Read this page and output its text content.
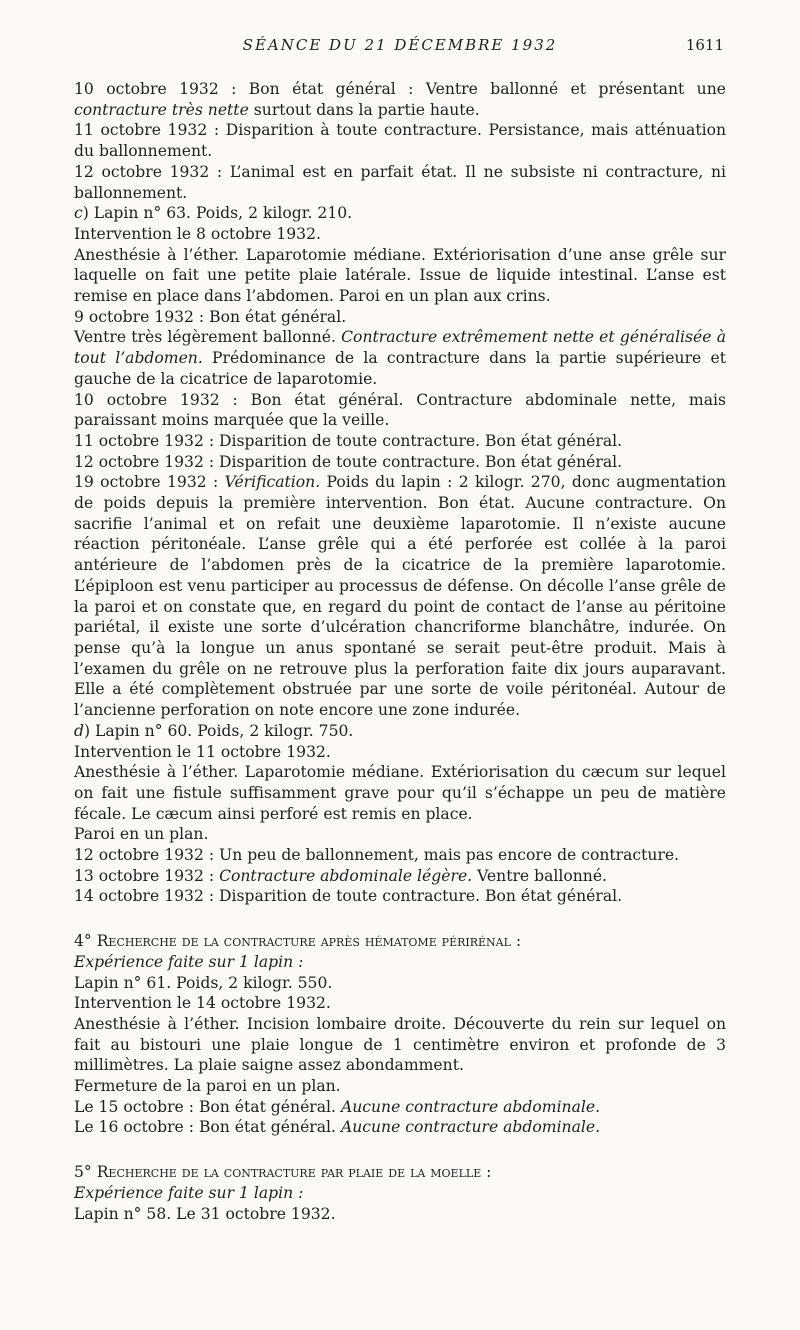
SÉANCE DU 21 DÉCEMBRE 1932	1611

10 octobre 1932 : Bon état général : Ventre ballonné et présentant une contracture très nette surtout dans la partie haute.

11 octobre 1932 : Disparition à toute contracture. Persistance, mais atténuation du ballonnement.

12 octobre 1932 : L’animal est en parfait état. Il ne subsiste ni contracture, ni ballonnement.

c) Lapin n° 63. Poids, 2 kilogr. 210.

Intervention le 8 octobre 1932.

Anesthésie à l’éther. Laparotomie médiane. Extériorisation d’une anse grêle sur laquelle on fait une petite plaie latérale. Issue de liquide intestinal. L’anse est remise en place dans l’abdomen. Paroi en un plan aux crins.

9 octobre 1932 : Bon état général.

Ventre très légèrement ballonné. Contracture extrêmement nette et généralisée à tout l’abdomen. Prédominance de la contracture dans la partie supérieure et gauche de la cicatrice de laparotomie.

10 octobre 1932 : Bon état général. Contracture abdominale nette, mais paraissant moins marquée que la veille.

11 octobre 1932 : Disparition de toute contracture. Bon état général.

12 octobre 1932 : Disparition de toute contracture. Bon état général.

19 octobre 1932 : Vérification. Poids du lapin : 2 kilogr. 270, donc augmentation de poids depuis la première intervention. Bon état. Aucune contracture. On sacrifie l’animal et on refait une deuxième laparotomie. Il n’existe aucune réaction péritonéale. L’anse grêle qui a été perforée est collée à la paroi antérieure de l’abdomen près de la cicatrice de la première laparotomie. L’épiploon est venu participer au processus de défense. On décolle l’anse grêle de la paroi et on constate que, en regard du point de contact de l’anse au péritoine pariétal, il existe une sorte d’ulcération chancriforme blanchâtre, indurée. On pense qu’à la longue un anus spontané se serait peut-être produit. Mais à l’examen du grêle on ne retrouve plus la perforation faite dix jours auparavant. Elle a été complètement obstruée par une sorte de voile péritonéal. Autour de l’ancienne perforation on note encore une zone indurée.

d) Lapin n° 60. Poids, 2 kilogr. 750.

Intervention le 11 octobre 1932.

Anesthésie à l’éther. Laparotomie médiane. Extériorisation du cæcum sur lequel on fait une fistule suffisamment grave pour qu’il s’échappe un peu de matière fécale. Le cæcum ainsi perforé est remis en place.

Paroi en un plan.

12 octobre 1932 : Un peu de ballonnement, mais pas encore de contracture.

13 octobre 1932 : Contracture abdominale légère. Ventre ballonné.

14 octobre 1932 : Disparition de toute contracture. Bon état général.

4° Recherche de la contracture après hématome périrénal :

Expérience faite sur 1 lapin :

Lapin n° 61. Poids, 2 kilogr. 550.

Intervention le 14 octobre 1932.

Anesthésie à l’éther. Incision lombaire droite. Découverte du rein sur lequel on fait au bistouri une plaie longue de 1 centimètre environ et profonde de 3 millimètres. La plaie saigne assez abondamment.

Fermeture de la paroi en un plan.

Le 15 octobre : Bon état général. Aucune contracture abdominale.

Le 16 octobre : Bon état général. Aucune contracture abdominale.

5° Recherche de la contracture par plaie de la moelle :

Expérience faite sur 1 lapin :

Lapin n° 58. Le 31 octobre 1932.
